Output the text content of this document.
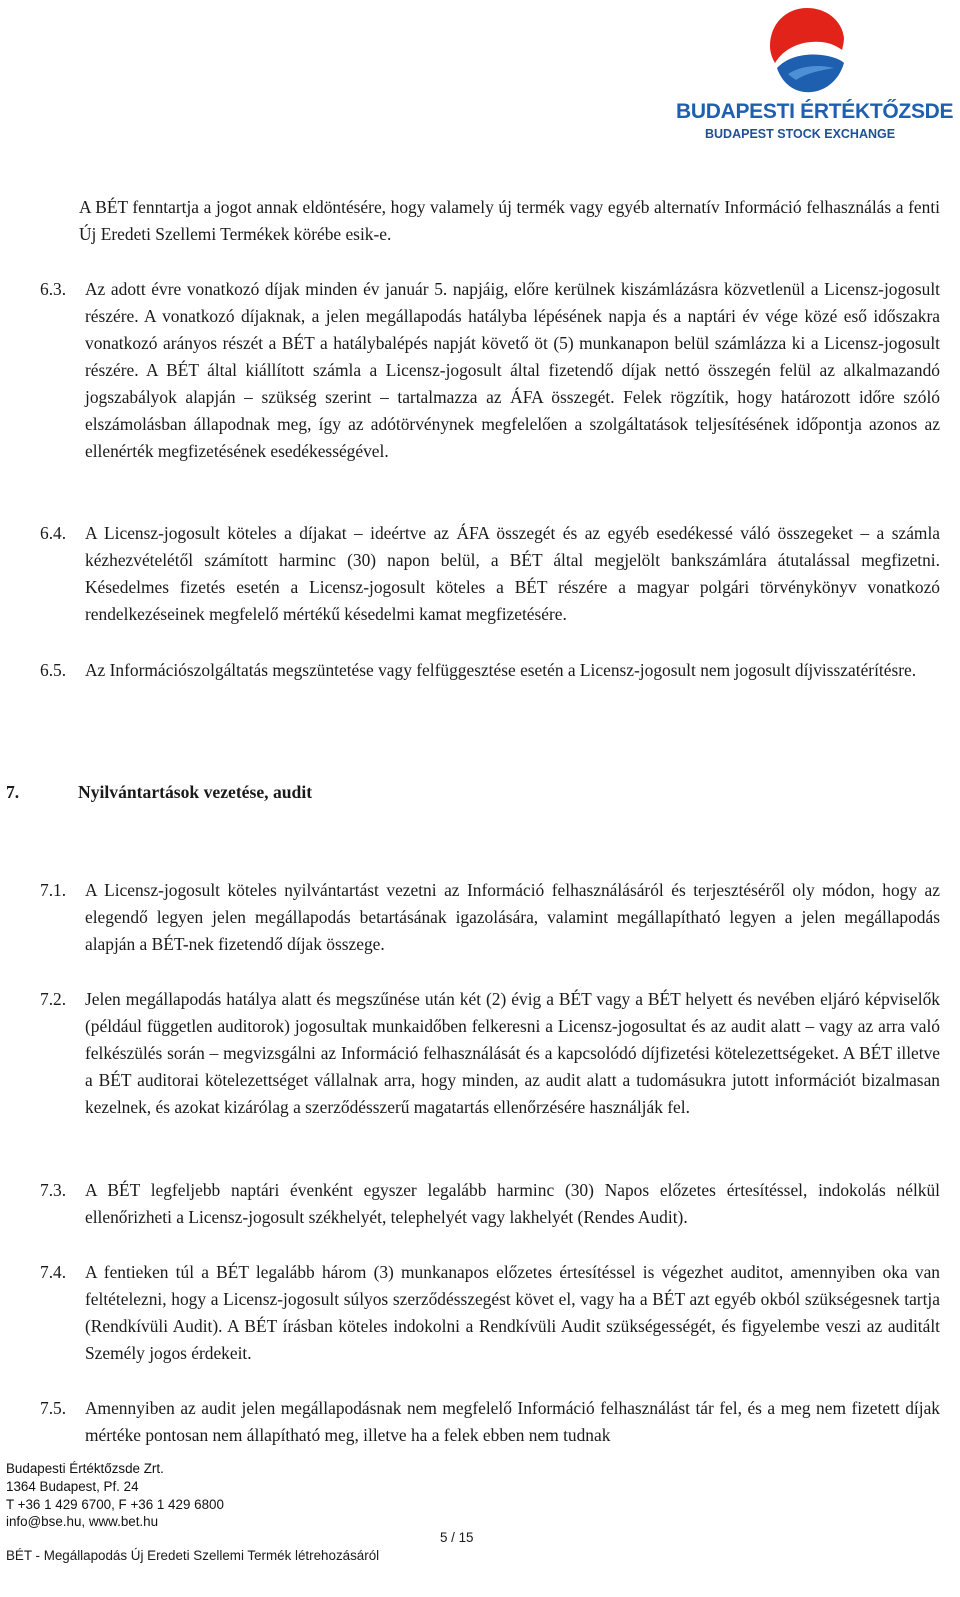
BUDAPESTI ÉRTÉKTŐZSDE
BUDAPEST STOCK EXCHANGE
A BÉT fenntartja a jogot annak eldöntésére, hogy valamely új termék vagy egyéb alternatív Információ felhasználás a fenti Új Eredeti Szellemi Termékek körébe esik-e.
6.3. Az adott évre vonatkozó díjak minden év január 5. napjáig, előre kerülnek kiszámlázásra közvetlenül a Licensz-jogosult részére. A vonatkozó díjaknak, a jelen megállapodás hatályba lépésének napja és a naptári év vége közé eső időszakra vonatkozó arányos részét a BÉT a hatálybalépés napját követő öt (5) munkanapon belül számlázza ki a Licensz-jogosult részére. A BÉT által kiállított számla a Licensz-jogosult által fizetendő díjak nettó összegén felül az alkalmazandó jogszabályok alapján – szükség szerint – tartalmazza az ÁFA összegét. Felek rögzítik, hogy határozott időre szóló elszámolásban állapodnak meg, így az adótörvénynek megfelelően a szolgáltatások teljesítésének időpontja azonos az ellenérték megfizetésének esedékességével.
6.4. A Licensz-jogosult köteles a díjakat – ideértve az ÁFA összegét és az egyéb esedékessé váló összegeket – a számla kézhezvételétől számított harminc (30) napon belül, a BÉT által megjelölt bankszámlára átutalással megfizetni. Késedelmes fizetés esetén a Licensz-jogosult köteles a BÉT részére a magyar polgári törvénykönyv vonatkozó rendelkezéseinek megfelelő mértékű késedelmi kamat megfizetésére.
6.5. Az Információszolgáltatás megszüntetése vagy felfüggesztése esetén a Licensz-jogosult nem jogosult díjvisszatérítésre.
7.	Nyilvántartások vezetése, audit
7.1. A Licensz-jogosult köteles nyilvántartást vezetni az Információ felhasználásáról és terjesztéséről oly módon, hogy az elegendő legyen jelen megállapodás betartásának igazolására, valamint megállapítható legyen a jelen megállapodás alapján a BÉT-nek fizetendő díjak összege.
7.2. Jelen megállapodás hatálya alatt és megszűnése után két (2) évig a BÉT vagy a BÉT helyett és nevében eljáró képviselők (például független auditorok) jogosultak munkaidőben felkeresni a Licensz-jogosultat és az audit alatt – vagy az arra való felkészülés során – megvizsgálni az Információ felhasználását és a kapcsolódó díjfizetési kötelezettségeket. A BÉT illetve a BÉT auditorai kötelezettséget vállalnak arra, hogy minden, az audit alatt a tudomásukra jutott információt bizalmasan kezelnek, és azokat kizárólag a szerződésszerű magatartás ellenőrzésére használják fel.
7.3. A BÉT legfeljebb naptári évenként egyszer legalább harminc (30) Napos előzetes értesítéssel, indokolás nélkül ellenőrizheti a Licensz-jogosult székhelyét, telephelyét vagy lakhelyét (Rendes Audit).
7.4. A fentieken túl a BÉT legalább három (3) munkanapos előzetes értesítéssel is végezhet auditot, amennyiben oka van feltételezni, hogy a Licensz-jogosult súlyos szerződésszegést követ el, vagy ha a BÉT azt egyéb okból szükségesnek tartja (Rendkívüli Audit). A BÉT írásban köteles indokolni a Rendkívüli Audit szükségességét, és figyelembe veszi az auditált Személy jogos érdekeit.
7.5. Amennyiben az audit jelen megállapodásnak nem megfelelő Információ felhasználást tár fel, és a meg nem fizetett díjak mértéke pontosan nem állapítható meg, illetve ha a felek ebben nem tudnak
Budapesti Értéktőzsde Zrt.
1364 Budapest, Pf. 24
T +36 1 429 6700, F +36 1 429 6800
info@bse.hu, www.bet.hu
5 / 15
BÉT - Megállapodás Új Eredeti Szellemi Termék létrehozásáról
